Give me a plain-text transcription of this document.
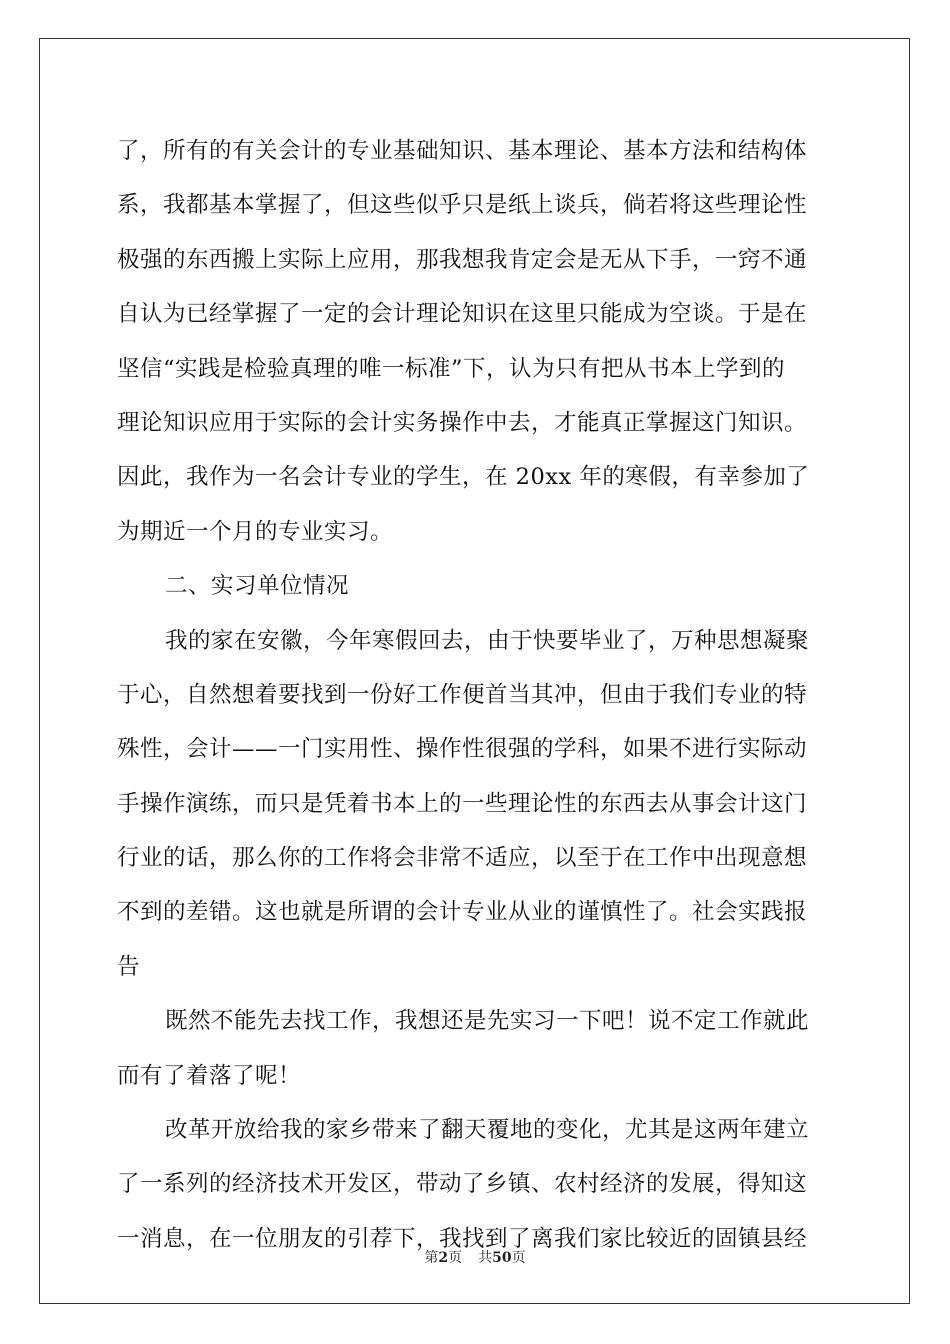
了，所有的有关会计的专业基础知识、基本理论、基本方法和结构体

系，我都基本掌握了，但这些似乎只是纸上谈兵，倘若将这些理论性

极强的东西搬上实际上应用，那我想我肯定会是无从下手，一窍不通

自认为已经掌握了一定的会计理论知识在这里只能成为空谈。于是在

坚信“实践是检验真理的唯一标准”下，认为只有把从书本上学到的

理论知识应用于实际的会计实务操作中去，才能真正掌握这门知识。

因此，我作为一名会计专业的学生，在 20xx 年的寒假，有幸参加了

为期近一个月的专业实习。

二、实习单位情况

我的家在安徽，今年寒假回去，由于快要毕业了，万种思想凝聚

于心，自然想着要找到一份好工作便首当其冲，但由于我们专业的特

殊性，会计——一门实用性、操作性很强的学科，如果不进行实际动

手操作演练，而只是凭着书本上的一些理论性的东西去从事会计这门

行业的话，那么你的工作将会非常不适应，以至于在工作中出现意想

不到的差错。这也就是所谓的会计专业从业的谨慎性了。社会实践报

告

既然不能先去找工作，我想还是先实习一下吧！说不定工作就此

而有了着落了呢！

改革开放给我的家乡带来了翻天覆地的变化，尤其是这两年建立

了一系列的经济技术开发区，带动了乡镇、农村经济的发展，得知这

一消息，在一位朋友的引荐下，我找到了离我们家比较近的固镇县经

第2页 共50页
